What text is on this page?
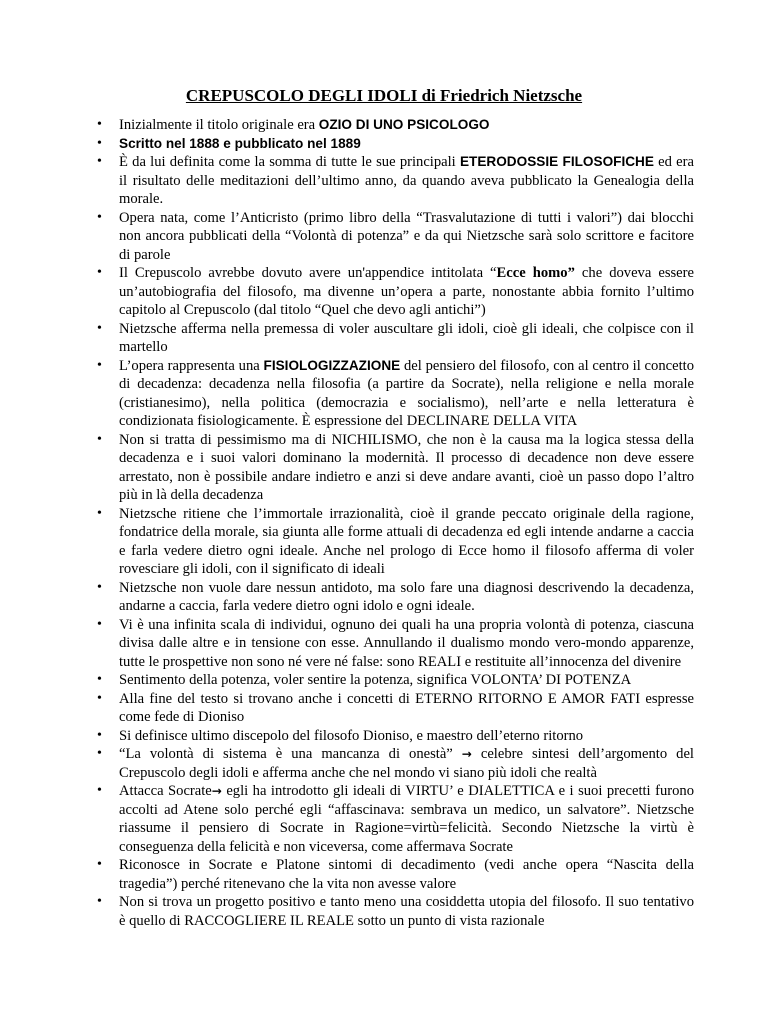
CREPUSCOLO DEGLI IDOLI di Friedrich Nietzsche
• Inizialmente il titolo originale era OZIO DI UNO PSICOLOGO
• Scritto nel 1888 e pubblicato nel 1889
• È da lui definita come la somma di tutte le sue principali ETERODOSSIE FILOSOFICHE ed era il risultato delle meditazioni dell’ultimo anno, da quando aveva pubblicato la Genealogia della morale.
• Opera nata, come l’Anticristo (primo libro della “Trasvalutazione di tutti i valori”) dai blocchi non ancora pubblicati della “Volontà di potenza” e da qui Nietzsche sarà solo scrittore e facitore di parole
• Il Crepuscolo avrebbe dovuto avere un'appendice intitolata “Ecce homo” che doveva essere un’autobiografia del filosofo, ma divenne un’opera a parte, nonostante abbia fornito l’ultimo capitolo al Crepuscolo (dal titolo “Quel che devo agli antichi”)
• Nietzsche afferma nella premessa di voler auscultare gli idoli, cioè gli ideali, che colpisce con il martello
• L’opera rappresenta una FISIOLOGIZZAZIONE del pensiero del filosofo, con al centro il concetto di decadenza: decadenza nella filosofia (a partire da Socrate), nella religione e nella morale (cristianesimo), nella politica (democrazia e socialismo), nell’arte e nella letteratura è condizionata fisiologicamente. È espressione del DECLINARE DELLA VITA
• Non si tratta di pessimismo ma di NICHILISMO, che non è la causa ma la logica stessa della decadenza e i suoi valori dominano la modernità. Il processo di decadence non deve essere arrestato, non è possibile andare indietro e anzi si deve andare avanti, cioè un passo dopo l’altro più in là della decadenza
• Nietzsche ritiene che l’immortale irrazionalità, cioè il grande peccato originale della ragione, fondatrice della morale, sia giunta alle forme attuali di decadenza ed egli intende andarne a caccia e farla vedere dietro ogni ideale. Anche nel prologo di Ecce homo il filosofo afferma di voler rovesciare gli idoli, con il significato di ideali
• Nietzsche non vuole dare nessun antidoto, ma solo fare una diagnosi descrivendo la decadenza, andarne a caccia, farla vedere dietro ogni idolo e ogni ideale.
• Vi è una infinita scala di individui, ognuno dei quali ha una propria volontà di potenza, ciascuna divisa dalle altre e in tensione con esse. Annullando il dualismo mondo vero-mondo apparenze, tutte le prospettive non sono né vere né false: sono REALI e restituite all’innocenza del divenire
• Sentimento della potenza, voler sentire la potenza, significa VOLONTA’ DI POTENZA
• Alla fine del testo si trovano anche i concetti di ETERNO RITORNO E AMOR FATI espresse come fede di Dioniso
• Si definisce ultimo discepolo del filosofo Dioniso, e maestro dell’eterno ritorno
• “La volontà di sistema è una mancanza di onestà” → celebre sintesi dell’argomento del Crepuscolo degli idoli e afferma anche che nel mondo vi siano più idoli che realtà
• Attacca Socrate→ egli ha introdotto gli ideali di VIRTU’ e DIALETTICA e i suoi precetti furono accolti ad Atene solo perché egli “affascinava: sembrava un medico, un salvatore”. Nietzsche riassume il pensiero di Socrate in Ragione=virtù=felicità. Secondo Nietzsche la virtù è conseguenza della felicità e non viceversa, come affermava Socrate
• Riconosce in Socrate e Platone sintomi di decadimento (vedi anche opera “Nascita della tragedia”) perché ritenevano che la vita non avesse valore
• Non si trova un progetto positivo e tanto meno una cosiddetta utopia del filosofo. Il suo tentativo è quello di RACCOGLIERE IL REALE sotto un punto di vista razionale
